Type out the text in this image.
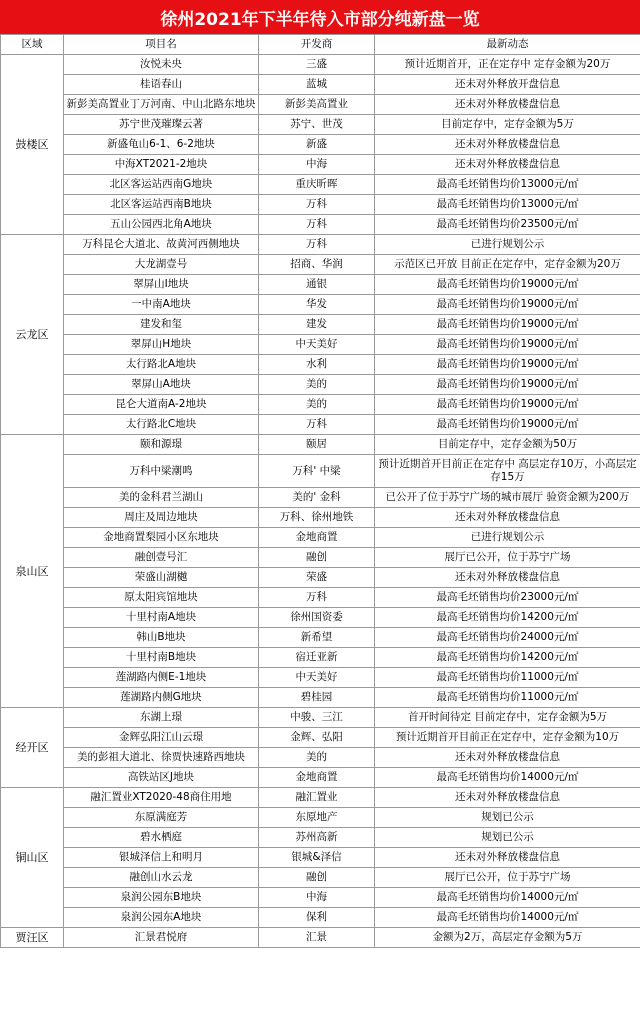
徐州2021年下半年待入市部分纯新盘一览
区域	项目名	开发商	最新动态
鼓楼区	汝悦未央	三盛	预计近期首开，正在定存中 定存金额为20万
	桂语春山	蓝城	还未对外释放开盘信息
	新彭美高置业丁万河南、中山北路东地块	新彭美高置业	还未对外释放楼盘信息
	苏宁世茂璀璨云著	苏宁、世茂	目前定存中，定存金额为5万
	新盛龟山6-1、6-2地块	新盛	还未对外释放楼盘信息
	中海XT2021-2地块	中海	还未对外释放楼盘信息
	北区客运站西南G地块	重庆昕晖	最高毛坯销售均价13000元/㎡
	北区客运站西南B地块	万科	最高毛坯销售均价13000元/㎡
	五山公园西北角A地块	万科	最高毛坯销售均价23500元/㎡
云龙区	万科昆仑大道北、故黄河西侧地块	万科	已进行规划公示
	大龙湖壹号	招商、华润	示范区已开放 目前正在定存中，定存金额为20万
	翠屏山I地块	通银	最高毛坯销售均价19000元/㎡
	一中南A地块	华发	最高毛坯销售均价19000元/㎡
	建发和玺	建发	最高毛坯销售均价19000元/㎡
	翠屏山H地块	中天美好	最高毛坯销售均价19000元/㎡
	太行路北A地块	水利	最高毛坯销售均价19000元/㎡
	翠屏山A地块	美的	最高毛坯销售均价19000元/㎡
	昆仑大道南A-2地块	美的	最高毛坯销售均价19000元/㎡
	太行路北C地块	万科	最高毛坯销售均价19000元/㎡
泉山区	颐和源璟	颐居	目前定存中，定存金额为50万
	万科中梁潮鸣	万科' 中梁	预计近期首开目前正在定存中 高层定存10万，小高层定存15万
	美的金科君兰湖山	美的' 金科	已公开了位于苏宁广场的城市展厅 验资金额为200万
	周庄及周边地块	万科、徐州地铁	还未对外释放楼盘信息
	金地商置梨园小区东地块	金地商置	已进行规划公示
	融创壹号汇	融创	展厅已公开，位于苏宁广场
	荣盛山湖樾	荣盛	还未对外释放楼盘信息
	原太阳宾馆地块	万科	最高毛坯销售均价23000元/㎡
	十里村南A地块	徐州国资委	最高毛坯销售均价14200元/㎡
	韩山B地块	新希望	最高毛坯销售均价24000元/㎡
	十里村南B地块	宿迁亚新	最高毛坯销售均价14200元/㎡
	莲湖路内侧E-1地块	中天美好	最高毛坯销售均价11000元/㎡
	莲湖路内侧G地块	碧桂园	最高毛坯销售均价11000元/㎡
经开区	东湖上璟	中骏、三江	首开时间待定 目前定存中，定存金额为5万
	金辉弘阳江山云璟	金辉、弘阳	预计近期首开目前正在定存中，定存金额为10万
	美的彭祖大道北、徐贾快速路西地块	美的	还未对外释放楼盘信息
	高铁站区J地块	金地商置	最高毛坯销售均价14000元/㎡
铜山区	融汇置业XT2020-48商住用地	融汇置业	还未对外释放楼盘信息
	东原满庭芳	东原地产	规划已公示
	碧水栖庭	苏州高新	规划已公示
	银城泽信上和明月	银城&泽信	还未对外释放楼盘信息
	融创山水云龙	融创	展厅已公开，位于苏宁广场
	泉润公园东B地块	中海	最高毛坯销售均价14000元/㎡
	泉润公园东A地块	保利	最高毛坯销售均价14000元/㎡
贾汪区	汇景君悦府	汇景	金额为2万，高层定存金额为5万
